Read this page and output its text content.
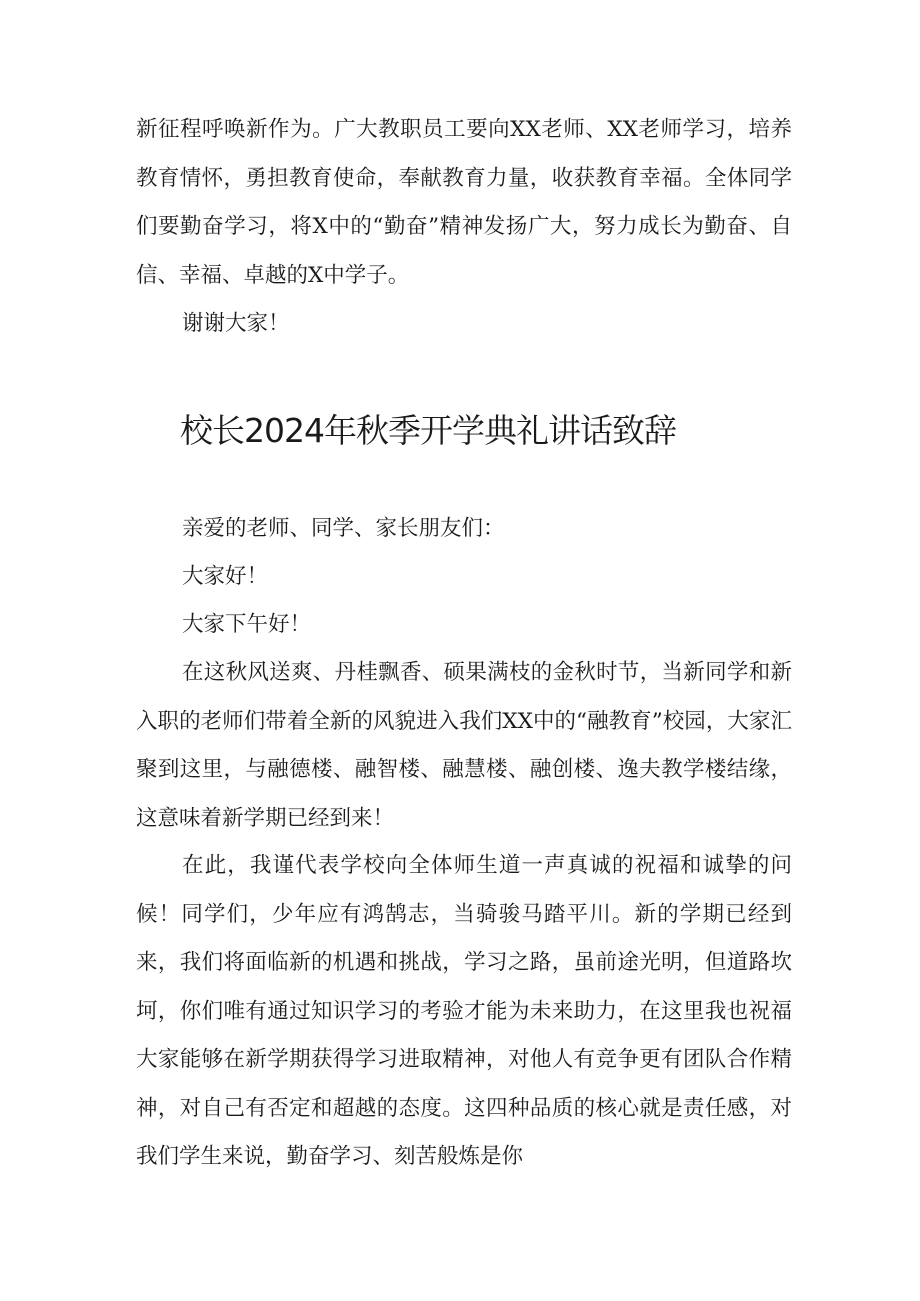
新征程呼唤新作为。广大教职员工要向XX老师、XX老师学习，培养教育情怀，勇担教育使命，奉献教育力量，收获教育幸福。全体同学们要勤奋学习，将X中的“勤奋”精神发扬广大，努力成长为勤奋、自信、幸福、卓越的X中学子。

谢谢大家！

校长2024年秋季开学典礼讲话致辞

亲爱的老师、同学、家长朋友们：

大家好！

大家下午好！

在这秋风送爽、丹桂飘香、硕果满枝的金秋时节，当新同学和新入职的老师们带着全新的风貌进入我们XX中的“融教育”校园，大家汇聚到这里，与融德楼、融智楼、融慧楼、融创楼、逸夫教学楼结缘，这意味着新学期已经到来！

在此，我谨代表学校向全体师生道一声真诚的祝福和诚挚的问候！同学们，少年应有鸿鹄志，当骑骏马踏平川。新的学期已经到来，我们将面临新的机遇和挑战，学习之路，虽前途光明，但道路坎坷，你们唯有通过知识学习的考验才能为未来助力，在这里我也祝福大家能够在新学期获得学习进取精神，对他人有竞争更有团队合作精神，对自己有否定和超越的态度。这四种品质的核心就是责任感，对我们学生来说，勤奋学习、刻苦般炼是你
